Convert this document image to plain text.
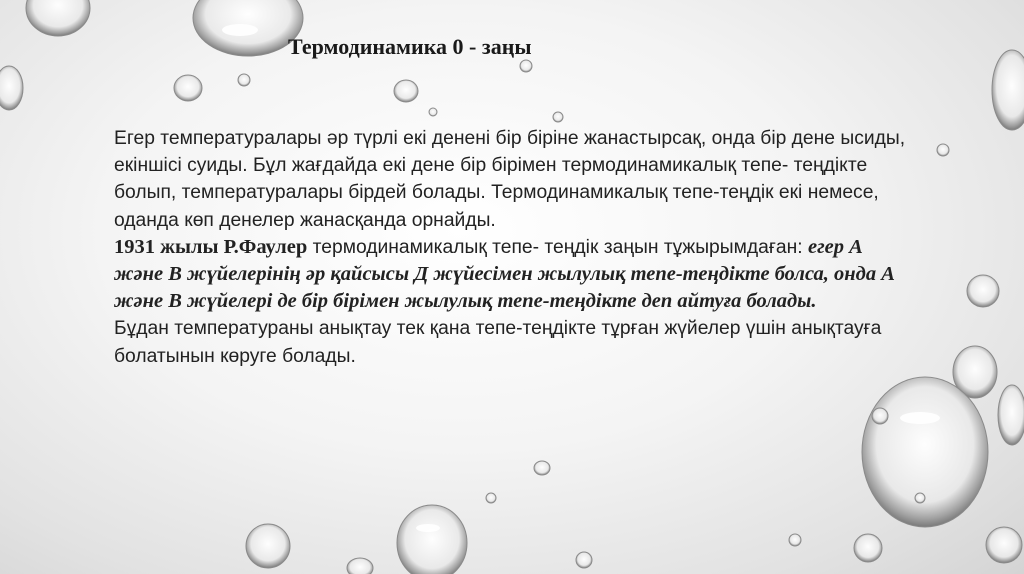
Термодинамика 0 - заңы

Егер температуралары әр түрлі екі денені бір біріне жанастырсақ, онда бір дене ысиды, екіншісі суиды. Бұл жағдайда екі дене бір бірімен термодинамикалық тепе- теңдікте болып, температуралары бірдей болады. Термодинамикалық тепе-теңдік екі немесе, оданда көп денелер жанасқанда орнайды.

1931 жылы Р.Фаулер термодинамикалық тепе- теңдік заңын тұжырымдаған: егер А және В жүйелерінің әр қайсысы Д жүйесімен жылулық тепе-теңдікте болса, онда А және В жүйелері де бір бірімен жылулық тепе-теңдікте деп айтуға болады.

Бұдан температураны анықтау тек қана тепе-теңдікте тұрған жүйелер үшін анықтауға болатынын көруге болады.
